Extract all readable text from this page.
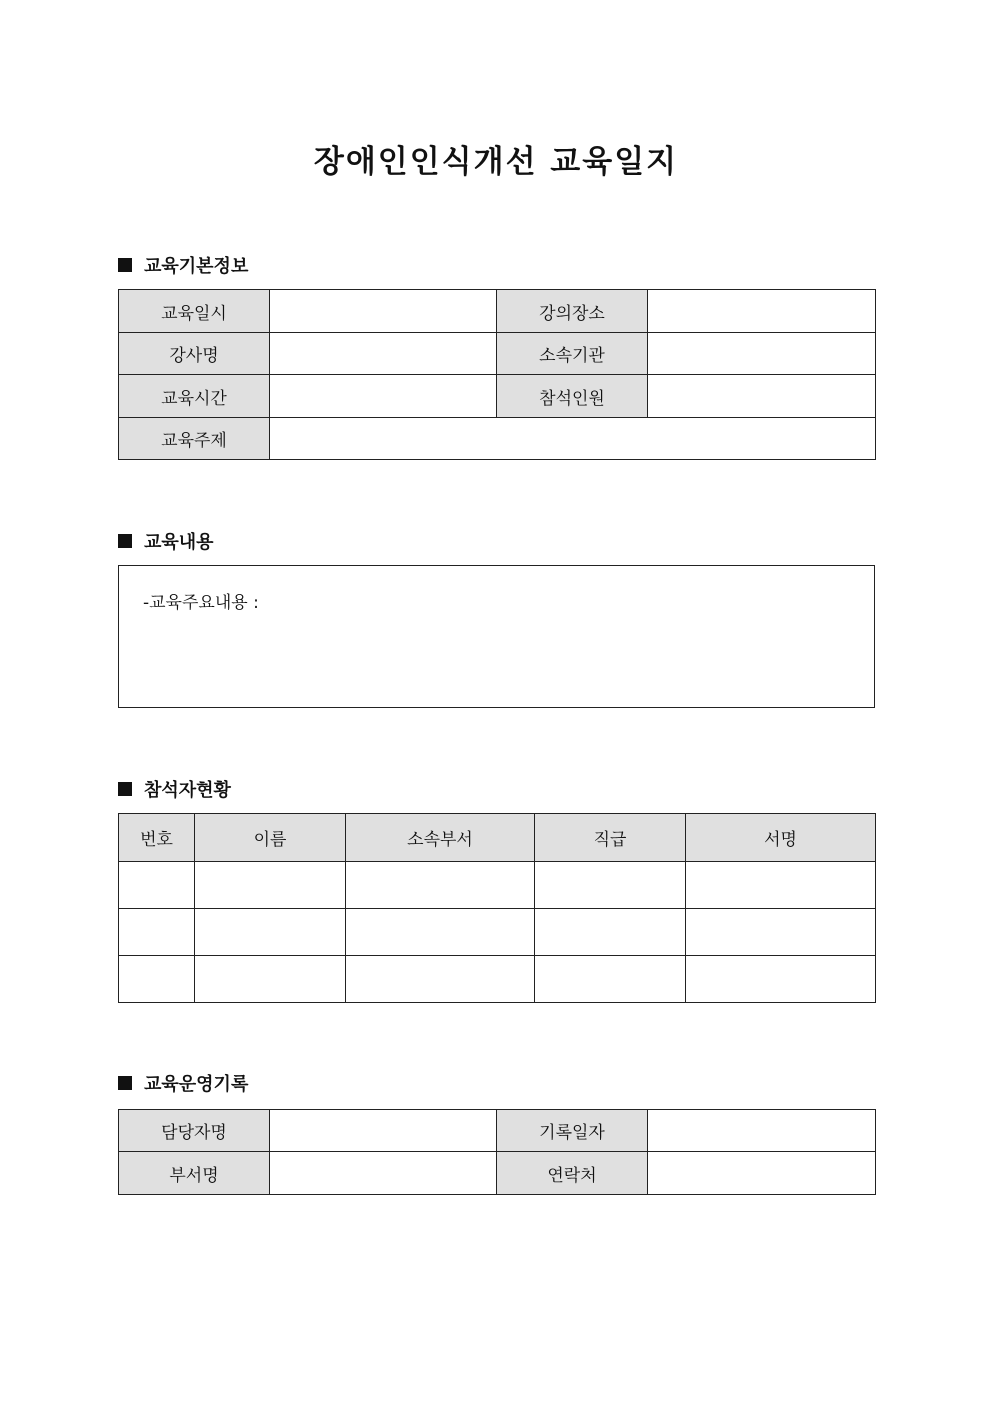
장애인인식개선 교육일지
교육기본정보
교육일시		강의장소	
강사명		소속기관	
교육시간		참석인원	
교육주제			
교육내용
-교육주요내용 :
참석자현황
번호	이름	소속부서	직급	서명

교육운영기록
담당자명		기록일자	
부서명		연락처	
